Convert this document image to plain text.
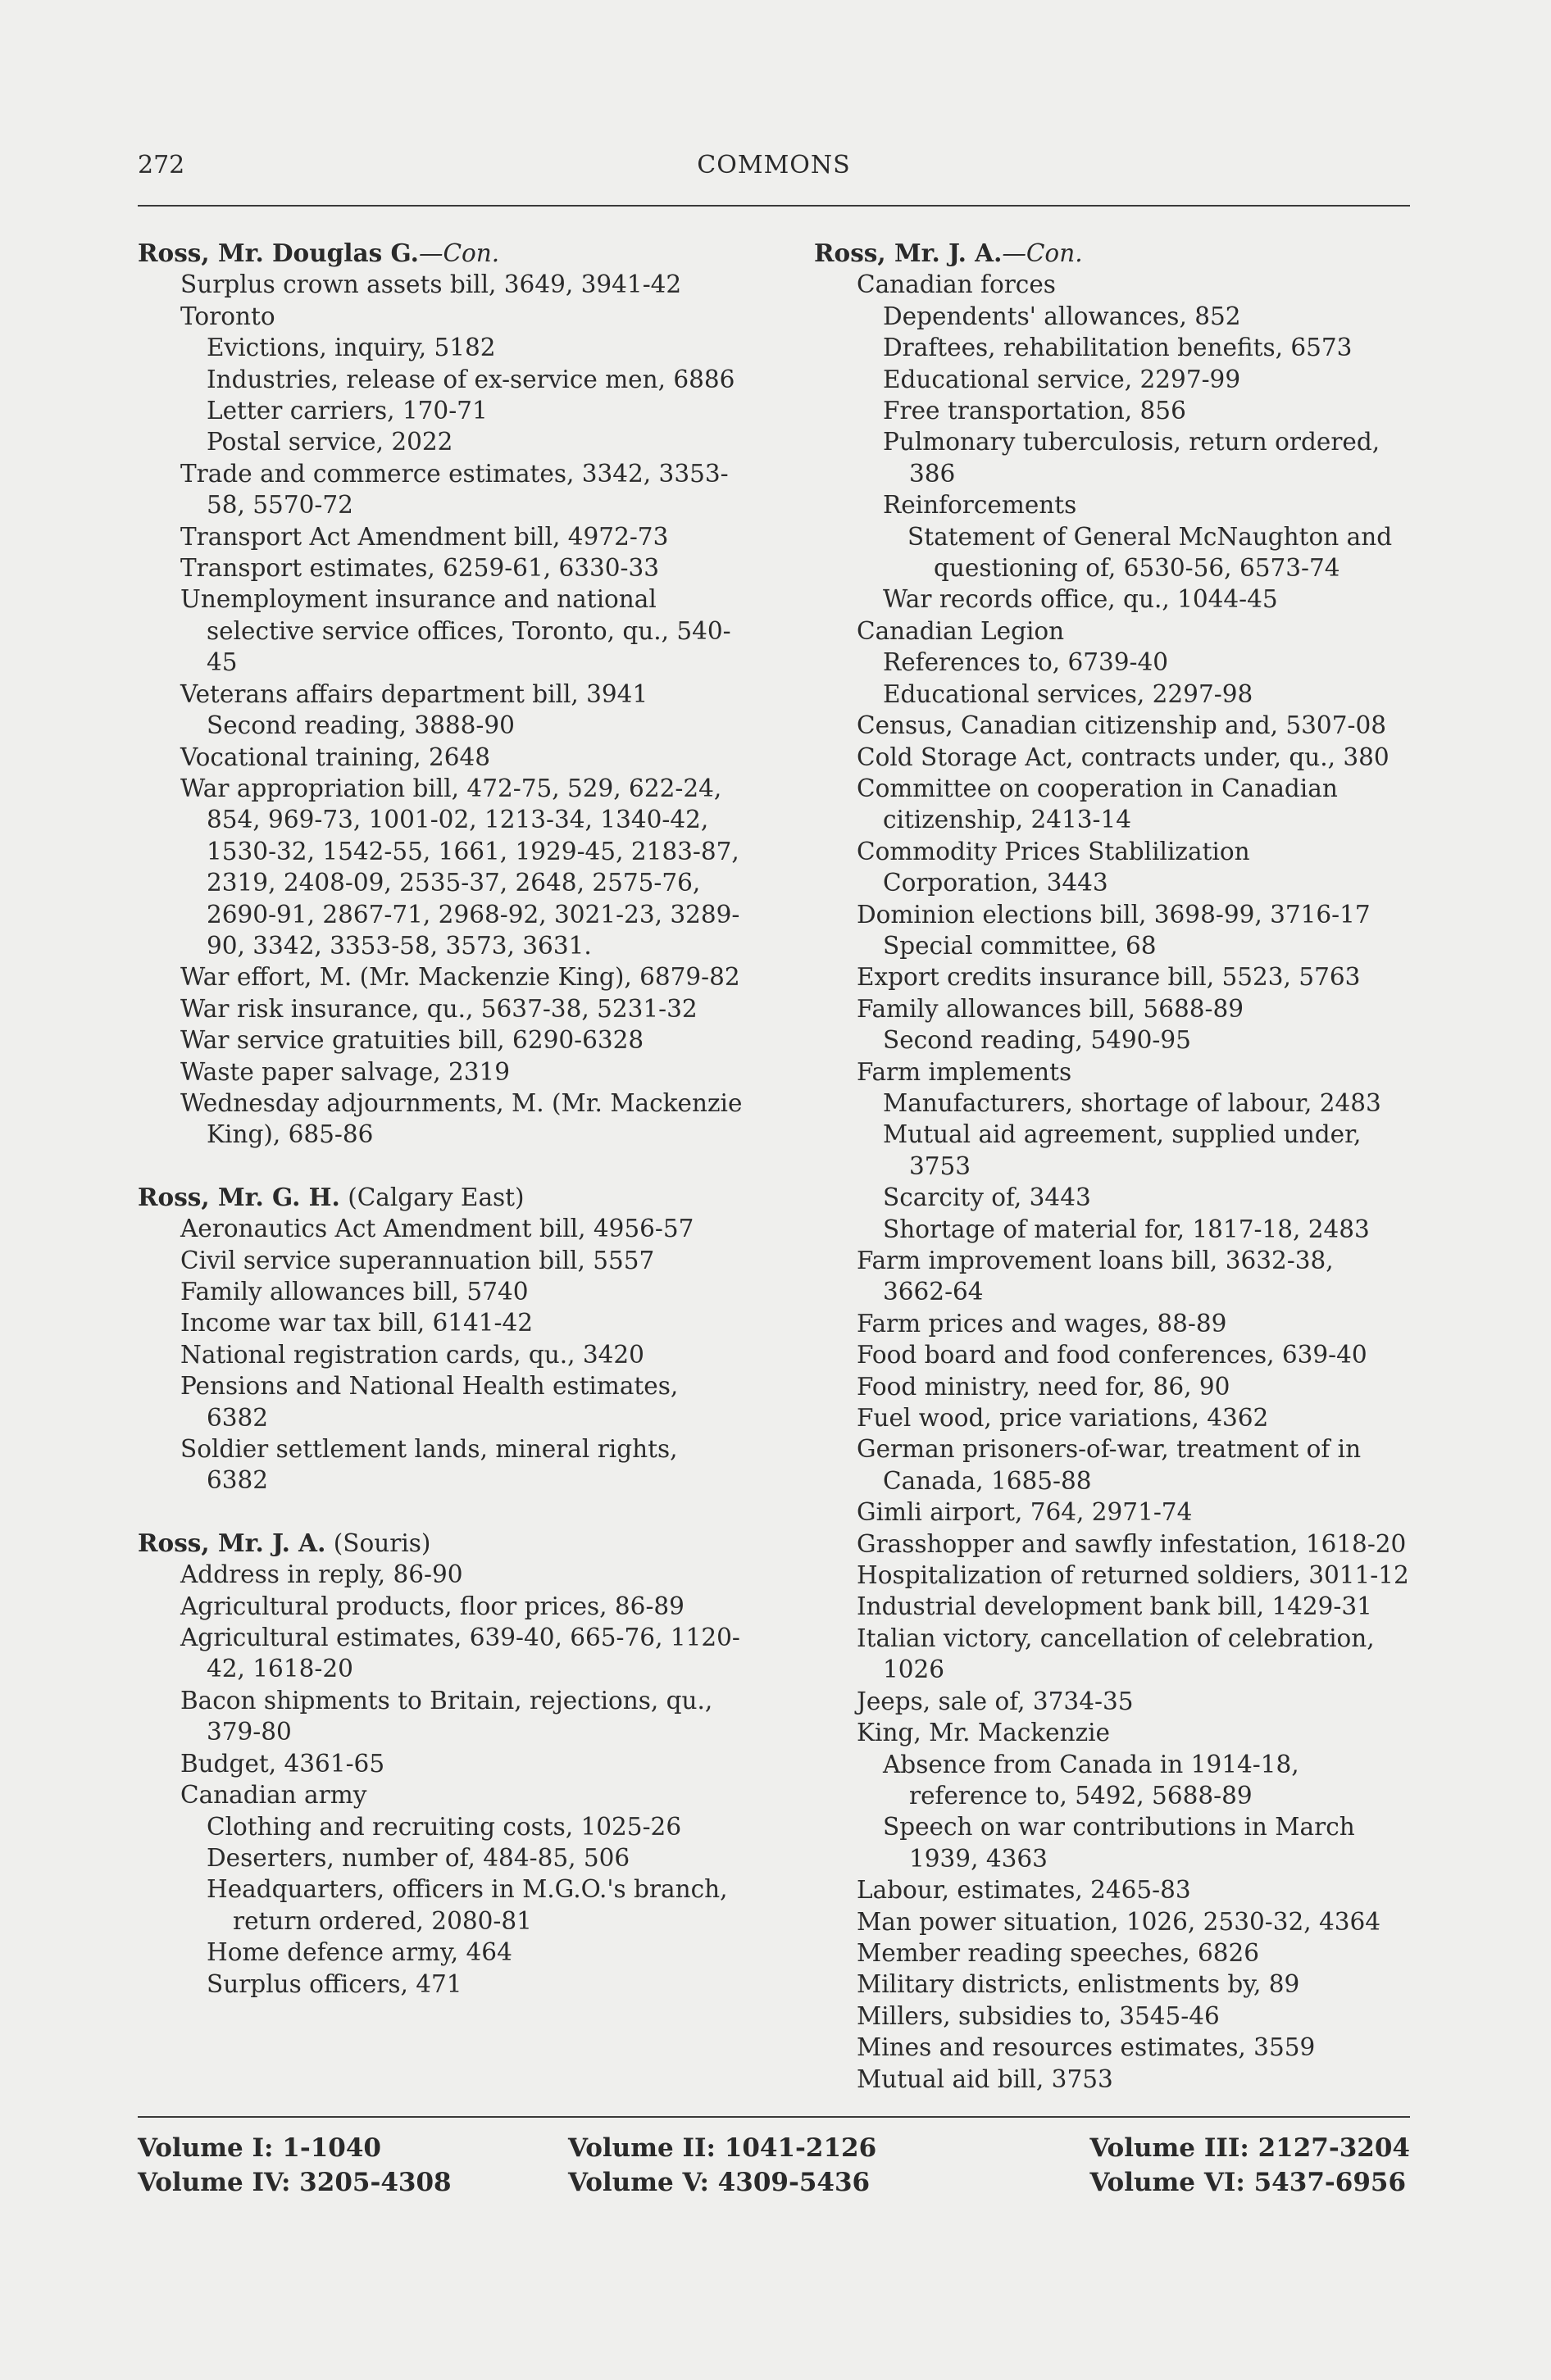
272	COMMONS
Ross, Mr. Douglas G.—Con.
Surplus crown assets bill, 3649, 3941-42
Toronto
Evictions, inquiry, 5182
Industries, release of ex-service men, 6886
Letter carriers, 170-71
Postal service, 2022
Trade and commerce estimates, 3342, 3353-58, 5570-72
Transport Act Amendment bill, 4972-73
Transport estimates, 6259-61, 6330-33
Unemployment insurance and national selective service offices, Toronto, qu., 540-45
Veterans affairs department bill, 3941
Second reading, 3888-90
Vocational training, 2648
War appropriation bill, 472-75, 529, 622-24, 854, 969-73, 1001-02, 1213-34, 1340-42, 1530-32, 1542-55, 1661, 1929-45, 2183-87, 2319, 2408-09, 2535-37, 2648, 2575-76, 2690-91, 2867-71, 2968-92, 3021-23, 3289-90, 3342, 3353-58, 3573, 3631.
War effort, M. (Mr. Mackenzie King), 6879-82
War risk insurance, qu., 5637-38, 5231-32
War service gratuities bill, 6290-6328
Waste paper salvage, 2319
Wednesday adjournments, M. (Mr. Mackenzie King), 685-86
Ross, Mr. G. H. (Calgary East)
Aeronautics Act Amendment bill, 4956-57
Civil service superannuation bill, 5557
Family allowances bill, 5740
Income war tax bill, 6141-42
National registration cards, qu., 3420
Pensions and National Health estimates, 6382
Soldier settlement lands, mineral rights, 6382
Ross, Mr. J. A. (Souris)
Address in reply, 86-90
Agricultural products, floor prices, 86-89
Agricultural estimates, 639-40, 665-76, 1120-42, 1618-20
Bacon shipments to Britain, rejections, qu., 379-80
Budget, 4361-65
Canadian army
Clothing and recruiting costs, 1025-26
Deserters, number of, 484-85, 506
Headquarters, officers in M.G.O.'s branch, return ordered, 2080-81
Home defence army, 464
Surplus officers, 471
Ross, Mr. J. A.—Con.
Canadian forces
Dependents' allowances, 852
Draftees, rehabilitation benefits, 6573
Educational service, 2297-99
Free transportation, 856
Pulmonary tuberculosis, return ordered, 386
Reinforcements
Statement of General McNaughton and questioning of, 6530-56, 6573-74
War records office, qu., 1044-45
Canadian Legion
References to, 6739-40
Educational services, 2297-98
Census, Canadian citizenship and, 5307-08
Cold Storage Act, contracts under, qu., 380
Committee on cooperation in Canadian citizenship, 2413-14
Commodity Prices Stablilization Corporation, 3443
Dominion elections bill, 3698-99, 3716-17
Special committee, 68
Export credits insurance bill, 5523, 5763
Family allowances bill, 5688-89
Second reading, 5490-95
Farm implements
Manufacturers, shortage of labour, 2483
Mutual aid agreement, supplied under, 3753
Scarcity of, 3443
Shortage of material for, 1817-18, 2483
Farm improvement loans bill, 3632-38, 3662-64
Farm prices and wages, 88-89
Food board and food conferences, 639-40
Food ministry, need for, 86, 90
Fuel wood, price variations, 4362
German prisoners-of-war, treatment of in Canada, 1685-88
Gimli airport, 764, 2971-74
Grasshopper and sawfly infestation, 1618-20
Hospitalization of returned soldiers, 3011-12
Industrial development bank bill, 1429-31
Italian victory, cancellation of celebration, 1026
Jeeps, sale of, 3734-35
King, Mr. Mackenzie
Absence from Canada in 1914-18, reference to, 5492, 5688-89
Speech on war contributions in March 1939, 4363
Labour, estimates, 2465-83
Man power situation, 1026, 2530-32, 4364
Member reading speeches, 6826
Military districts, enlistments by, 89
Millers, subsidies to, 3545-46
Mines and resources estimates, 3559
Mutual aid bill, 3753
Volume I: 1-1040
Volume IV: 3205-4308
Volume II: 1041-2126
Volume V: 4309-5436
Volume III: 2127-3204
Volume VI: 5437-6956
